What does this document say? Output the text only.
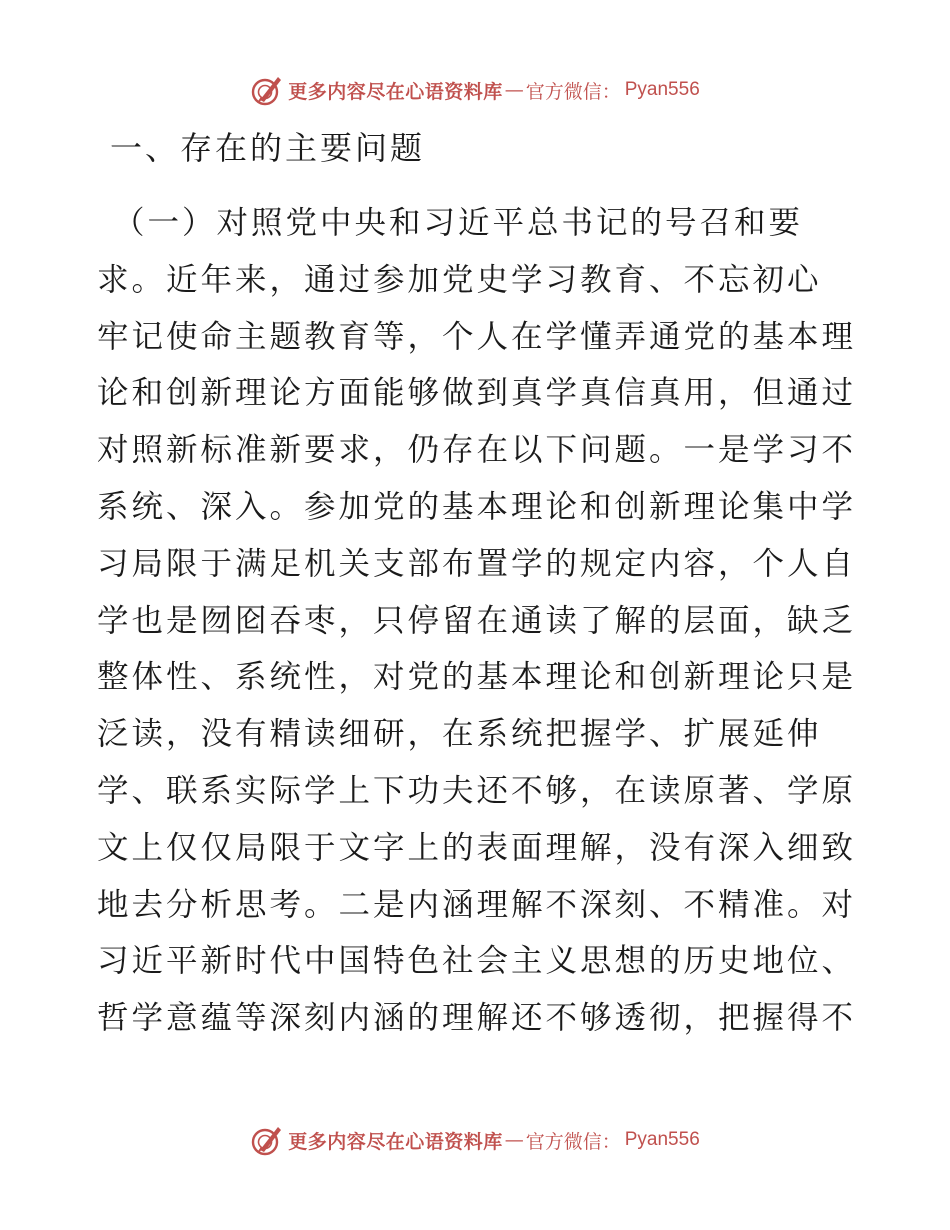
更多内容尽在心语资料库 — 官方微信： Pyan556
一、存在的主要问题
（一）对照党中央和习近平总书记的号召和要
求。近年来，通过参加党史学习教育、不忘初心
牢记使命主题教育等，个人在学懂弄通党的基本理
论和创新理论方面能够做到真学真信真用，但通过
对照新标准新要求，仍存在以下问题。一是学习不
系统、深入。参加党的基本理论和创新理论集中学
习局限于满足机关支部布置学的规定内容，个人自
学也是囫囵吞枣，只停留在通读了解的层面，缺乏
整体性、系统性，对党的基本理论和创新理论只是
泛读，没有精读细研，在系统把握学、扩展延伸
学、联系实际学上下功夫还不够，在读原著、学原
文上仅仅局限于文字上的表面理解，没有深入细致
地去分析思考。二是内涵理解不深刻、不精准。对
习近平新时代中国特色社会主义思想的历史地位、
哲学意蕴等深刻内涵的理解还不够透彻，把握得不
更多内容尽在心语资料库 — 官方微信： Pyan556
